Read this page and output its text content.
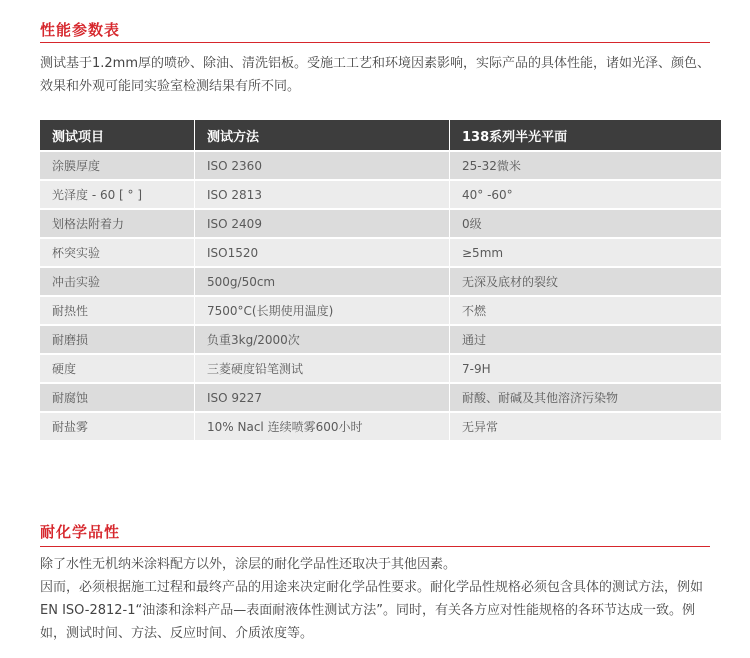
性能参数表

测试基于1.2mm厚的喷砂、除油、清洗铝板。受施工工艺和环境因素影响，实际产品的具体性能，诸如光泽、颜色、效果和外观可能同实验室检测结果有所不同。

测试项目	测试方法	138系列半光平面
涂膜厚度	ISO 2360	25-32微米
光泽度 - 60 [ ° ]	ISO 2813	40° -60°
划格法附着力	ISO 2409	0级
杯突实验	ISO1520	≥5mm
冲击实验	500g/50cm	无深及底材的裂纹
耐热性	7500°C(长期使用温度)	不燃
耐磨损	负重3kg/2000次	通过
硬度	三菱硬度铅笔测试	7-9H
耐腐蚀	ISO 9227	耐酸、耐碱及其他溶济污染物
耐盐雾	10% Nacl 连续喷雾600小时	无异常
耐化学品性

除了水性无机纳米涂料配方以外，涂层的耐化学品性还取决于其他因素。

因而，必须根据施工过程和最终产品的用途来决定耐化学品性要求。耐化学品性规格必须包含具体的测试方法，例如EN ISO-2812-1“油漆和涂料产品—表面耐液体性测试方法”。同时，有关各方应对性能规格的各环节达成一致。例如，测试时间、方法、反应时间、介质浓度等。
